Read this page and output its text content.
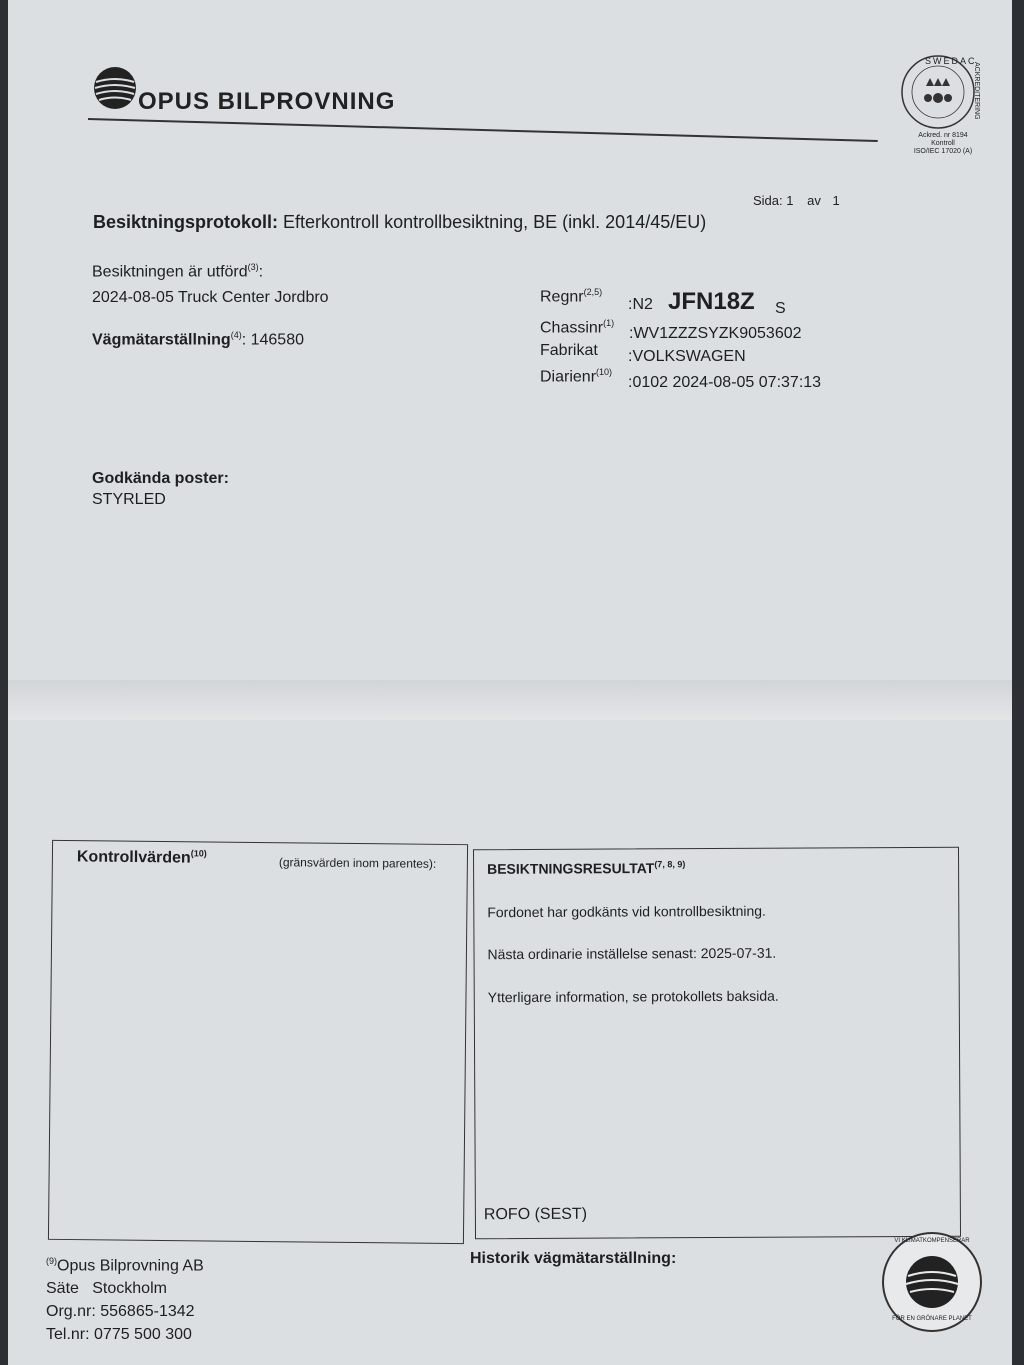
OPUS BILPROVNING
SWEDAC
ACKREDITERING
Ackred. nr 8194
Kontroll
ISO/IEC 17020 (A)
Sida: 1 av 1
Besiktningsprotokoll: Efterkontroll kontrollbesiktning, BE (inkl. 2014/45/EU)
Besiktningen är utförd$^{(3)}$:
2024-08-05 Truck Center Jordbro
Vägmätarställning$^{(4)}$: 146580
Regnr$^{(2,5)}$
:N2 JFN18Z S
Chassinr$^{(1)}$
:WV1ZZZSYZK9053602
Fabrikat :VOLKSWAGEN
Diarienr$^{(10)}$
:0102 2024-08-05 07:37:13
Godkända poster:
STYRLED
Kontrollvärden$^{(10)}$
(gränsvärden inom parentes):	BESIKTNINGSRESULTAT$^{(7, 8, 9)}$
Fordonet har godkänts vid kontrollbesiktning.
Nästa ordinarie inställelse senast: 2025-07-31.
Ytterligare information, se protokollets baksida.
ROFO (SEST)
Historik vägmätarställning:
$^{(9)}$Opus Bilprovning AB
Säte   Stockholm
Org.nr: 556865-1342
Tel.nr: 0775 500 300
VI KLIMATKOMPENSERAR
FÖR EN GRÖNARE PLANET
